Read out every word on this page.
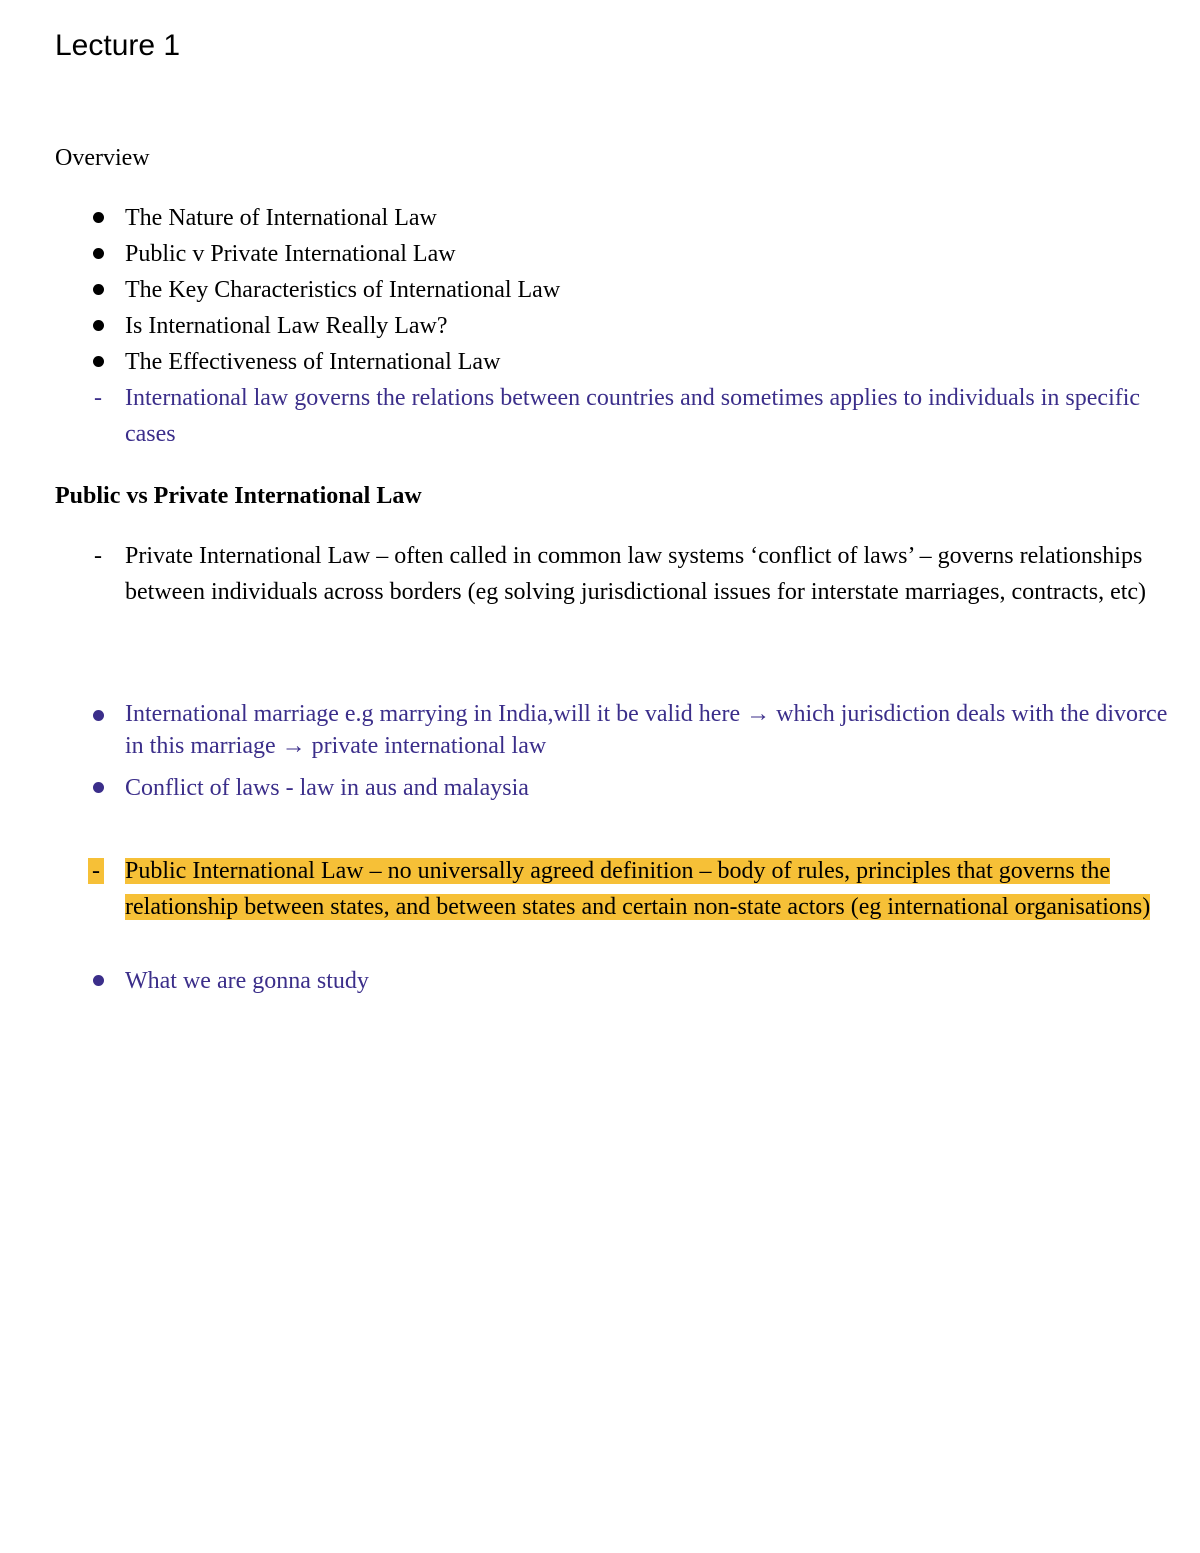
Lecture 1
Overview
The Nature of International Law
Public v Private International Law
The Key Characteristics of International Law
Is International Law Really Law?
The Effectiveness of International Law
- International law governs the relations between countries and sometimes applies to individuals in specific cases
Public vs Private International Law
- Private International Law – often called in common law systems ‘conflict of laws’ – governs relationships between individuals across borders (eg solving jurisdictional issues for interstate marriages, contracts, etc)
International marriage e.g marrying in India,will it be valid here → which jurisdiction deals with the divorce in this marriage → private international law
Conflict of laws - law in aus and malaysia
- Public International Law – no universally agreed definition – body of rules, principles that governs the relationship between states, and between states and certain non-state actors (eg international organisations)
What we are gonna study
